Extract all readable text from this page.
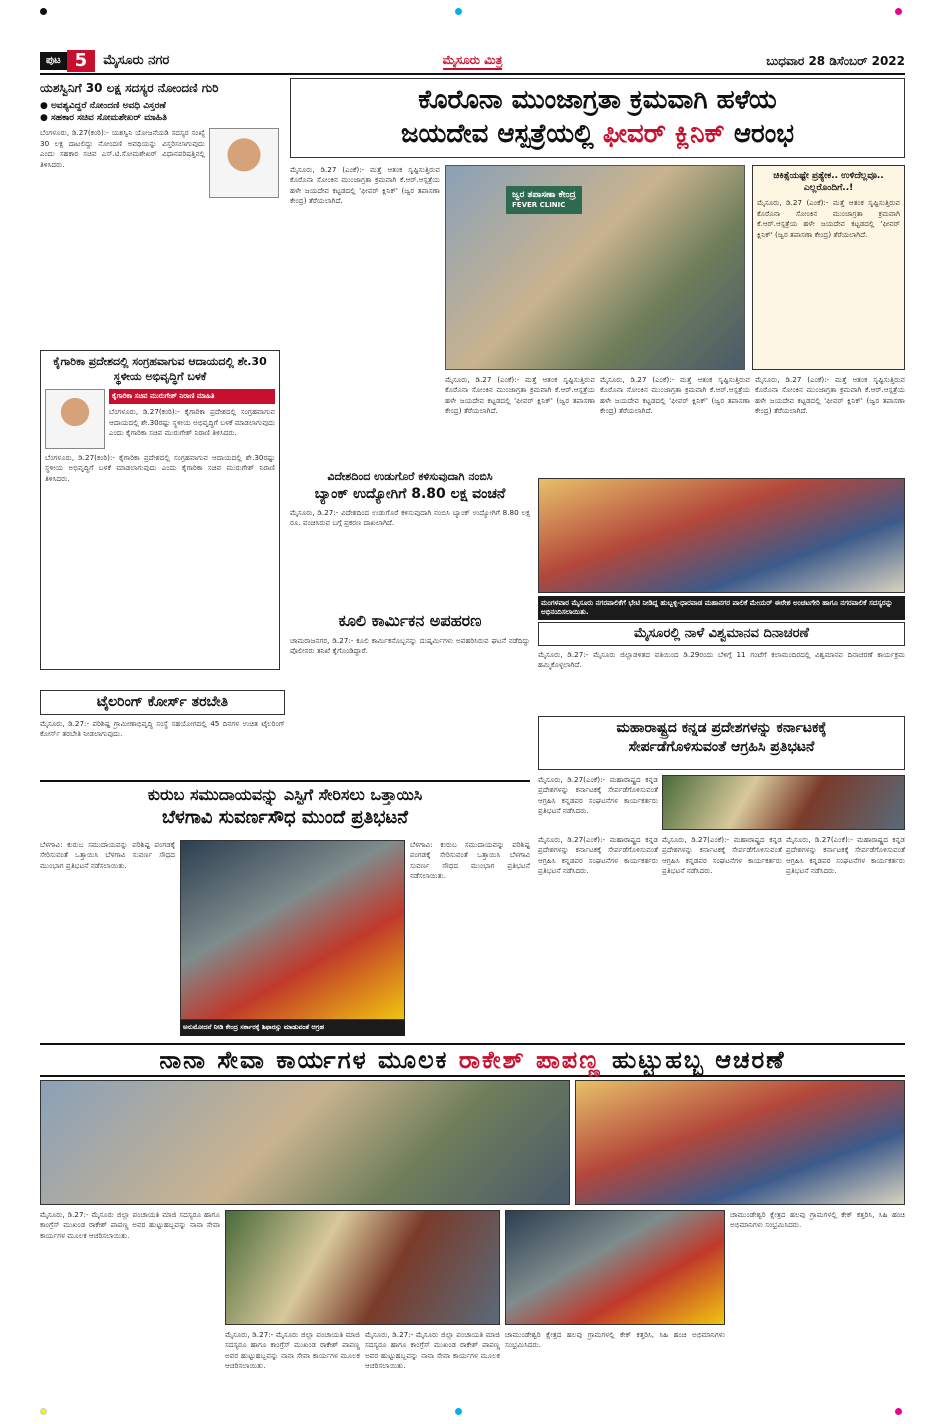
ಪುಟ 5	ಮೈಸೂರು ನಗರ	ಮೈಸೂರು ಮಿತ್ರ	ಬುಧವಾರ 28 ಡಿಸೆಂಬರ್ 2022
ಯಶಸ್ವಿನಿಗೆ 30 ಲಕ್ಷ ಸದಸ್ಯರ ನೋಂದಣಿ ಗುರಿ
● ಅವಶ್ಯವಿದ್ದರೆ ನೋಂದಣಿ ಅವಧಿ ವಿಸ್ತರಣೆ
● ಸಹಕಾರ ಸಚಿವ ಸೋಮಶೇಖರ್ ಮಾಹಿತಿ
ಬೆಂಗಳೂರು, ಡಿ.27(ಕಂಠಿ):- ಯಶಸ್ವಿನಿ ಯೋಜನೆಯಡಿ ಸದಸ್ಯರ ಸಂಖ್ಯೆ 30 ಲಕ್ಷ ದಾಟಲಿದ್ದು ನೋಂದಣಿ ಅವಧಿಯನ್ನು ವಿಸ್ತರಿಸಲಾಗುವುದು ಎಂದು ಸಹಕಾರ ಸಚಿವ ಎಸ್.ಟಿ.ಸೋಮಶೇಖರ್ ವಿಧಾನಪರಿಷತ್ತಿನಲ್ಲಿ ತಿಳಿಸಿದರು.
ಕೈಗಾರಿಕಾ ಪ್ರದೇಶದಲ್ಲಿ ಸಂಗ್ರಹವಾಗುವ ಆದಾಯದಲ್ಲಿ ಶೇ.30 ಸ್ಥಳೀಯ ಅಭಿವೃದ್ಧಿಗೆ ಬಳಕೆ
ಕೈಗಾರಿಕಾ ಸಚಿವ ಮುರುಗೇಶ್ ನಿರಾಣಿ ಮಾಹಿತಿ
ಬೆಂಗಳೂರು, ಡಿ.27(ಕಂಠಿ):- ಕೈಗಾರಿಕಾ ಪ್ರದೇಶದಲ್ಲಿ ಸಂಗ್ರಹವಾಗುವ ಆದಾಯದಲ್ಲಿ ಶೇ.30ರಷ್ಟು ಸ್ಥಳೀಯ ಅಭಿವೃದ್ಧಿಗೆ ಬಳಕೆ ಮಾಡಲಾಗುವುದು ಎಂದು ಕೈಗಾರಿಕಾ ಸಚಿವ ಮುರುಗೇಶ್ ನಿರಾಣಿ ತಿಳಿಸಿದರು.
ಬೆಂಗಳೂರು, ಡಿ.27(ಕಂಠಿ):- ಕೈಗಾರಿಕಾ ಪ್ರದೇಶದಲ್ಲಿ ಸಂಗ್ರಹವಾಗುವ ಆದಾಯದಲ್ಲಿ ಶೇ.30ರಷ್ಟು ಸ್ಥಳೀಯ ಅಭಿವೃದ್ಧಿಗೆ ಬಳಕೆ ಮಾಡಲಾಗುವುದು ಎಂದು ಕೈಗಾರಿಕಾ ಸಚಿವ ಮುರುಗೇಶ್ ನಿರಾಣಿ ತಿಳಿಸಿದರು.
ಟೈಲರಿಂಗ್ ಕೋರ್ಸ್ ತರಬೇತಿ
ಮೈಸೂರು, ಡಿ.27:- ಪರಿಶಿಷ್ಟ ಗ್ರಾಮೀಣಾಭಿವೃದ್ಧಿ ಸಂಸ್ಥೆ ಸಹಯೋಗದಲ್ಲಿ 45 ದಿನಗಳ ಉಚಿತ ಟೈಲರಿಂಗ್ ಕೋರ್ಸ್ ತರಬೇತಿ ನೀಡಲಾಗುವುದು.
ಕೊರೊನಾ ಮುಂಜಾಗ್ರತಾ ಕ್ರಮವಾಗಿ ಹಳೆಯ
ಜಯದೇವ ಆಸ್ಪತ್ರೆಯಲ್ಲಿ ಫೀವರ್ ಕ್ಲಿನಿಕ್ ಆರಂಭ
ಮೈಸೂರು, ಡಿ.27 (ಎಂಕೆ):- ಮತ್ತೆ ಆತಂಕ ಸೃಷ್ಟಿಸುತ್ತಿರುವ ಕೊರೊನಾ ಸೋಂಕಿನ ಮುಂಜಾಗ್ರತಾ ಕ್ರಮವಾಗಿ ಕೆ.ಆರ್.ಆಸ್ಪತ್ರೆಯ ಹಳೇ ಜಯದೇವ ಕಟ್ಟಡದಲ್ಲಿ 'ಫೀವರ್ ಕ್ಲಿನಿಕ್' (ಜ್ವರ ತಪಾಸಣಾ ಕೇಂದ್ರ) ತೆರೆಯಲಾಗಿದೆ.
ಜ್ವರ ತಪಾಸಣಾ ಕೇಂದ್ರ
FEVER CLINIC
ಚಿಕಿತ್ಸೆಯಷ್ಟೇ ಪ್ರತ್ಯೇಕ.. ಉಳಿದೆಲ್ಲವೂ.. ಎಲ್ಲರೊಂದಿಗೆ..!
ಮೈಸೂರು, ಡಿ.27 (ಎಂಕೆ):- ಮತ್ತೆ ಆತಂಕ ಸೃಷ್ಟಿಸುತ್ತಿರುವ ಕೊರೊನಾ ಸೋಂಕಿನ ಮುಂಜಾಗ್ರತಾ ಕ್ರಮವಾಗಿ ಕೆ.ಆರ್.ಆಸ್ಪತ್ರೆಯ ಹಳೇ ಜಯದೇವ ಕಟ್ಟಡದಲ್ಲಿ 'ಫೀವರ್ ಕ್ಲಿನಿಕ್' (ಜ್ವರ ತಪಾಸಣಾ ಕೇಂದ್ರ) ತೆರೆಯಲಾಗಿದೆ.
ಮೈಸೂರು, ಡಿ.27 (ಎಂಕೆ):- ಮತ್ತೆ ಆತಂಕ ಸೃಷ್ಟಿಸುತ್ತಿರುವ ಕೊರೊನಾ ಸೋಂಕಿನ ಮುಂಜಾಗ್ರತಾ ಕ್ರಮವಾಗಿ ಕೆ.ಆರ್.ಆಸ್ಪತ್ರೆಯ ಹಳೇ ಜಯದೇವ ಕಟ್ಟಡದಲ್ಲಿ 'ಫೀವರ್ ಕ್ಲಿನಿಕ್' (ಜ್ವರ ತಪಾಸಣಾ ಕೇಂದ್ರ) ತೆರೆಯಲಾಗಿದೆ.
ಮೈಸೂರು, ಡಿ.27 (ಎಂಕೆ):- ಮತ್ತೆ ಆತಂಕ ಸೃಷ್ಟಿಸುತ್ತಿರುವ ಕೊರೊನಾ ಸೋಂಕಿನ ಮುಂಜಾಗ್ರತಾ ಕ್ರಮವಾಗಿ ಕೆ.ಆರ್.ಆಸ್ಪತ್ರೆಯ ಹಳೇ ಜಯದೇವ ಕಟ್ಟಡದಲ್ಲಿ 'ಫೀವರ್ ಕ್ಲಿನಿಕ್' (ಜ್ವರ ತಪಾಸಣಾ ಕೇಂದ್ರ) ತೆರೆಯಲಾಗಿದೆ.
ಮೈಸೂರು, ಡಿ.27 (ಎಂಕೆ):- ಮತ್ತೆ ಆತಂಕ ಸೃಷ್ಟಿಸುತ್ತಿರುವ ಕೊರೊನಾ ಸೋಂಕಿನ ಮುಂಜಾಗ್ರತಾ ಕ್ರಮವಾಗಿ ಕೆ.ಆರ್.ಆಸ್ಪತ್ರೆಯ ಹಳೇ ಜಯದೇವ ಕಟ್ಟಡದಲ್ಲಿ 'ಫೀವರ್ ಕ್ಲಿನಿಕ್' (ಜ್ವರ ತಪಾಸಣಾ ಕೇಂದ್ರ) ತೆರೆಯಲಾಗಿದೆ.
ವಿದೇಶದಿಂದ ಉಡುಗೊರೆ ಕಳಿಸುವುದಾಗಿ ನಂಬಿಸಿ
ಬ್ಯಾಂಕ್ ಉದ್ಯೋಗಿಗೆ 8.80 ಲಕ್ಷ ವಂಚನೆ
ಮೈಸೂರು, ಡಿ.27:- ವಿದೇಶದಿಂದ ಉಡುಗೊರೆ ಕಳಿಸುವುದಾಗಿ ನಂಬಿಸಿ ಬ್ಯಾಂಕ್ ಉದ್ಯೋಗಿಗೆ 8.80 ಲಕ್ಷ ರೂ. ವಂಚಿಸಿರುವ ಬಗ್ಗೆ ಪ್ರಕರಣ ದಾಖಲಾಗಿದೆ.
ಕೂಲಿ ಕಾರ್ಮಿಕನ ಅಪಹರಣ
ಚಾಮರಾಜನಗರ, ಡಿ.27:- ಕೂಲಿ ಕಾರ್ಮಿಕನೊಬ್ಬನನ್ನು ದುಷ್ಕರ್ಮಿಗಳು ಅಪಹರಿಸಿರುವ ಘಟನೆ ನಡೆದಿದ್ದು ಪೊಲೀಸರು ತನಿಖೆ ಕೈಗೊಂಡಿದ್ದಾರೆ.
ಮಂಗಳವಾರ ಮೈಸೂರು ನಗರಪಾಲಿಕೆಗೆ ಭೇಟಿ ನೀಡಿದ್ದ ಹುಬ್ಬಳ್ಳಿ-ಧಾರವಾಡ ಮಹಾನಗರ ಪಾಲಿಕೆ ಮೇಯರ್ ಈರೇಶ ಅಂಚಟಗೇರಿ ಹಾಗೂ ನಗರಪಾಲಿಕೆ ಸದಸ್ಯರನ್ನು ಅಭಿನಂದಿಸಲಾಯಿತು.
ಮೈಸೂರಲ್ಲಿ ನಾಳೆ ವಿಶ್ವಮಾನವ ದಿನಾಚರಣೆ
ಮೈಸೂರು, ಡಿ.27:- ಮೈಸೂರು ಜಿಲ್ಲಾಡಳಿತದ ವತಿಯಿಂದ ಡಿ.29ರಂದು ಬೆಳಿಗ್ಗೆ 11 ಗಂಟೆಗೆ ಕಲಾಮಂದಿರದಲ್ಲಿ ವಿಶ್ವಮಾನವ ದಿನಾಚರಣೆ ಕಾರ್ಯಕ್ರಮ ಹಮ್ಮಿಕೊಳ್ಳಲಾಗಿದೆ.
ಮಹಾರಾಷ್ಟ್ರದ ಕನ್ನಡ ಪ್ರದೇಶಗಳನ್ನು ಕರ್ನಾಟಕಕ್ಕೆ
ಸೇರ್ಪಡೆಗೊಳಿಸುವಂತೆ ಆಗ್ರಹಿಸಿ ಪ್ರತಿಭಟನೆ
ಮೈಸೂರು, ಡಿ.27(ಎಂಕೆ):- ಮಹಾರಾಷ್ಟ್ರದ ಕನ್ನಡ ಪ್ರದೇಶಗಳನ್ನು ಕರ್ನಾಟಕಕ್ಕೆ ಸೇರ್ಪಡೆಗೊಳಿಸುವಂತೆ ಆಗ್ರಹಿಸಿ ಕನ್ನಡಪರ ಸಂಘಟನೆಗಳ ಕಾರ್ಯಕರ್ತರು ಪ್ರತಿಭಟನೆ ನಡೆಸಿದರು.
ಮೈಸೂರು, ಡಿ.27(ಎಂಕೆ):- ಮಹಾರಾಷ್ಟ್ರದ ಕನ್ನಡ ಪ್ರದೇಶಗಳನ್ನು ಕರ್ನಾಟಕಕ್ಕೆ ಸೇರ್ಪಡೆಗೊಳಿಸುವಂತೆ ಆಗ್ರಹಿಸಿ ಕನ್ನಡಪರ ಸಂಘಟನೆಗಳ ಕಾರ್ಯಕರ್ತರು ಪ್ರತಿಭಟನೆ ನಡೆಸಿದರು.
ಮೈಸೂರು, ಡಿ.27(ಎಂಕೆ):- ಮಹಾರಾಷ್ಟ್ರದ ಕನ್ನಡ ಪ್ರದೇಶಗಳನ್ನು ಕರ್ನಾಟಕಕ್ಕೆ ಸೇರ್ಪಡೆಗೊಳಿಸುವಂತೆ ಆಗ್ರಹಿಸಿ ಕನ್ನಡಪರ ಸಂಘಟನೆಗಳ ಕಾರ್ಯಕರ್ತರು ಪ್ರತಿಭಟನೆ ನಡೆಸಿದರು.
ಮೈಸೂರು, ಡಿ.27(ಎಂಕೆ):- ಮಹಾರಾಷ್ಟ್ರದ ಕನ್ನಡ ಪ್ರದೇಶಗಳನ್ನು ಕರ್ನಾಟಕಕ್ಕೆ ಸೇರ್ಪಡೆಗೊಳಿಸುವಂತೆ ಆಗ್ರಹಿಸಿ ಕನ್ನಡಪರ ಸಂಘಟನೆಗಳ ಕಾರ್ಯಕರ್ತರು ಪ್ರತಿಭಟನೆ ನಡೆಸಿದರು.
ಕುರುಬ ಸಮುದಾಯವನ್ನು ಎಸ್ಟಿಗೆ ಸೇರಿಸಲು ಒತ್ತಾಯಿಸಿ
ಬೆಳಗಾವಿ ಸುವರ್ಣಸೌಧ ಮುಂದೆ ಪ್ರತಿಭಟನೆ
ಬೆಳಗಾವಿ: ಕುರುಬ ಸಮುದಾಯವನ್ನು ಪರಿಶಿಷ್ಟ ಪಂಗಡಕ್ಕೆ ಸೇರಿಸುವಂತೆ ಒತ್ತಾಯಿಸಿ ಬೆಳಗಾವಿ ಸುವರ್ಣ ಸೌಧದ ಮುಂಭಾಗ ಪ್ರತಿಭಟನೆ ನಡೆಸಲಾಯಿತು.
ಅನುಮೋದನೆ ನೀಡಿ ಕೇಂದ್ರ ಸರ್ಕಾರಕ್ಕೆ ಶಿಫಾರಸ್ಸು ಮಾಡುವಂತೆ ಆಗ್ರಹ
ಬೆಳಗಾವಿ: ಕುರುಬ ಸಮುದಾಯವನ್ನು ಪರಿಶಿಷ್ಟ ಪಂಗಡಕ್ಕೆ ಸೇರಿಸುವಂತೆ ಒತ್ತಾಯಿಸಿ ಬೆಳಗಾವಿ ಸುವರ್ಣ ಸೌಧದ ಮುಂಭಾಗ ಪ್ರತಿಭಟನೆ ನಡೆಸಲಾಯಿತು.
ನಾನಾ ಸೇವಾ ಕಾರ್ಯಗಳ ಮೂಲಕ
ರಾಕೇಶ್ ಪಾಪಣ್ಣ
ಹುಟ್ಟುಹಬ್ಬ ಆಚರಣೆ
ಮೈಸೂರು, ಡಿ.27:- ಮೈಸೂರು ಜಿಲ್ಲಾ ಪಂಚಾಯತಿ ಮಾಜಿ ಸದಸ್ಯರೂ ಹಾಗೂ ಕಾಂಗ್ರೆಸ್ ಮುಖಂಡ ರಾಕೇಶ್ ಪಾಪಣ್ಣ ಅವರ ಹುಟ್ಟುಹಬ್ಬವನ್ನು ನಾನಾ ಸೇವಾ ಕಾರ್ಯಗಳ ಮೂಲಕ ಆಚರಿಸಲಾಯಿತು.
ಚಾಮುಂಡೇಶ್ವರಿ ಕ್ಷೇತ್ರದ ಹಲವು ಗ್ರಾಮಗಳಲ್ಲಿ ಕೇಕ್ ಕತ್ತರಿಸಿ, ಸಿಹಿ ಹಂಚಿ ಅಭಿಮಾನಿಗಳು ಸಂಭ್ರಮಿಸಿದರು.
ಮೈಸೂರು, ಡಿ.27:- ಮೈಸೂರು ಜಿಲ್ಲಾ ಪಂಚಾಯತಿ ಮಾಜಿ ಸದಸ್ಯರೂ ಹಾಗೂ ಕಾಂಗ್ರೆಸ್ ಮುಖಂಡ ರಾಕೇಶ್ ಪಾಪಣ್ಣ ಅವರ ಹುಟ್ಟುಹಬ್ಬವನ್ನು ನಾನಾ ಸೇವಾ ಕಾರ್ಯಗಳ ಮೂಲಕ ಆಚರಿಸಲಾಯಿತು.
ಮೈಸೂರು, ಡಿ.27:- ಮೈಸೂರು ಜಿಲ್ಲಾ ಪಂಚಾಯತಿ ಮಾಜಿ ಸದಸ್ಯರೂ ಹಾಗೂ ಕಾಂಗ್ರೆಸ್ ಮುಖಂಡ ರಾಕೇಶ್ ಪಾಪಣ್ಣ ಅವರ ಹುಟ್ಟುಹಬ್ಬವನ್ನು ನಾನಾ ಸೇವಾ ಕಾರ್ಯಗಳ ಮೂಲಕ ಆಚರಿಸಲಾಯಿತು.
ಚಾಮುಂಡೇಶ್ವರಿ ಕ್ಷೇತ್ರದ ಹಲವು ಗ್ರಾಮಗಳಲ್ಲಿ ಕೇಕ್ ಕತ್ತರಿಸಿ, ಸಿಹಿ ಹಂಚಿ ಅಭಿಮಾನಿಗಳು ಸಂಭ್ರಮಿಸಿದರು.
